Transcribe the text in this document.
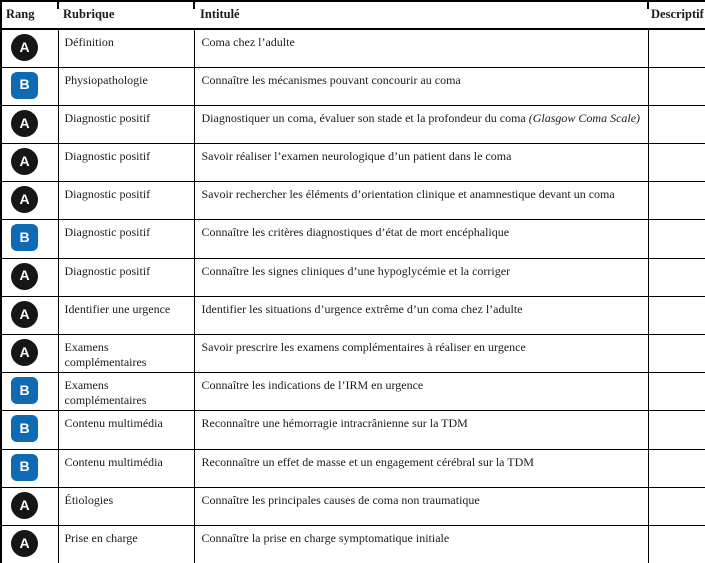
Rang	Rubrique	Intitulé	Descriptif
A	Définition	Coma chez l’adulte	
B	Physiopathologie	Connaître les mécanismes pouvant concourir au coma	
A	Diagnostic positif	Diagnostiquer un coma, évaluer son stade et la profondeur du coma (Glasgow Coma Scale)	
A	Diagnostic positif	Savoir réaliser l’examen neurologique d’un patient dans le coma	
A	Diagnostic positif	Savoir rechercher les éléments d’orientation clinique et anamnestique devant un coma	
B	Diagnostic positif	Connaître les critères diagnostiques d’état de mort encéphalique	
A	Diagnostic positif	Connaître les signes cliniques d’une hypoglycémie et la corriger	
A	Identifier une urgence	Identifier les situations d’urgence extrême d’un coma chez l’adulte	
A	Examens complémentaires	Savoir prescrire les examens complémentaires à réaliser en urgence	
B	Examens complémentaires	Connaître les indications de l’IRM en urgence	
B	Contenu multimédia	Reconnaître une hémorragie intracrânienne sur la TDM	
B	Contenu multimédia	Reconnaître un effet de masse et un engagement cérébral sur la TDM	
A	Étiologies	Connaître les principales causes de coma non traumatique	
A	Prise en charge	Connaître la prise en charge symptomatique initiale	
